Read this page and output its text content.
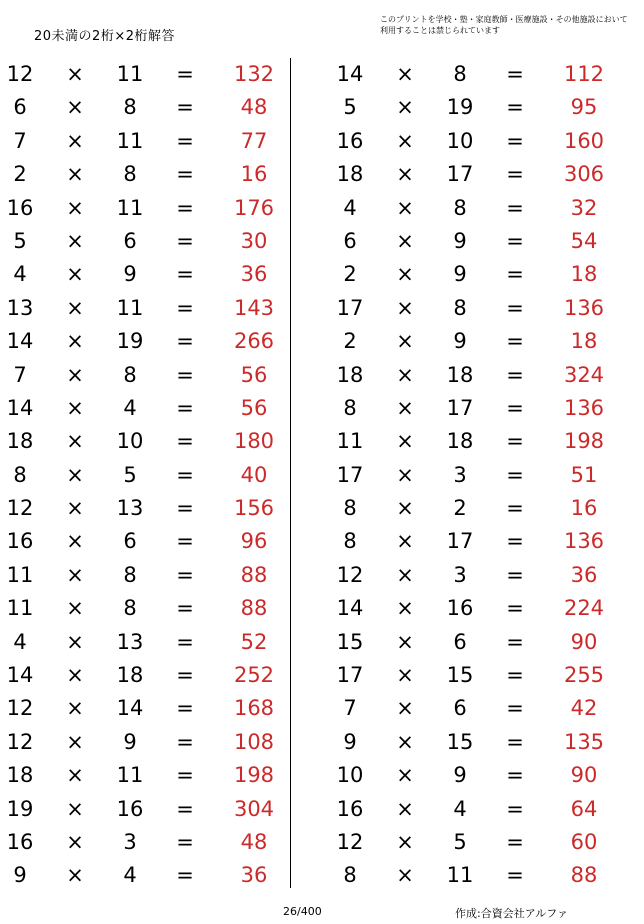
20未満の2桁×2桁解答
このプリントを学校・塾・家庭教師・医療施設・その他施設において利用することは禁じられています
12	×	11	=	132
6	×	8	=	48
7	×	11	=	77
2	×	8	=	16
16	×	11	=	176
5	×	6	=	30
4	×	9	=	36
13	×	11	=	143
14	×	19	=	266
7	×	8	=	56
14	×	4	=	56
18	×	10	=	180
8	×	5	=	40
12	×	13	=	156
16	×	6	=	96
11	×	8	=	88
11	×	8	=	88
4	×	13	=	52
14	×	18	=	252
12	×	14	=	168
12	×	9	=	108
18	×	11	=	198
19	×	16	=	304
16	×	3	=	48
9	×	4	=	36
14	×	8	=	112
5	×	19	=	95
16	×	10	=	160
18	×	17	=	306
4	×	8	=	32
6	×	9	=	54
2	×	9	=	18
17	×	8	=	136
2	×	9	=	18
18	×	18	=	324
8	×	17	=	136
11	×	18	=	198
17	×	3	=	51
8	×	2	=	16
8	×	17	=	136
12	×	3	=	36
14	×	16	=	224
15	×	6	=	90
17	×	15	=	255
7	×	6	=	42
9	×	15	=	135
10	×	9	=	90
16	×	4	=	64
12	×	5	=	60
8	×	11	=	88
26/400	作成:合資会社アルファ
